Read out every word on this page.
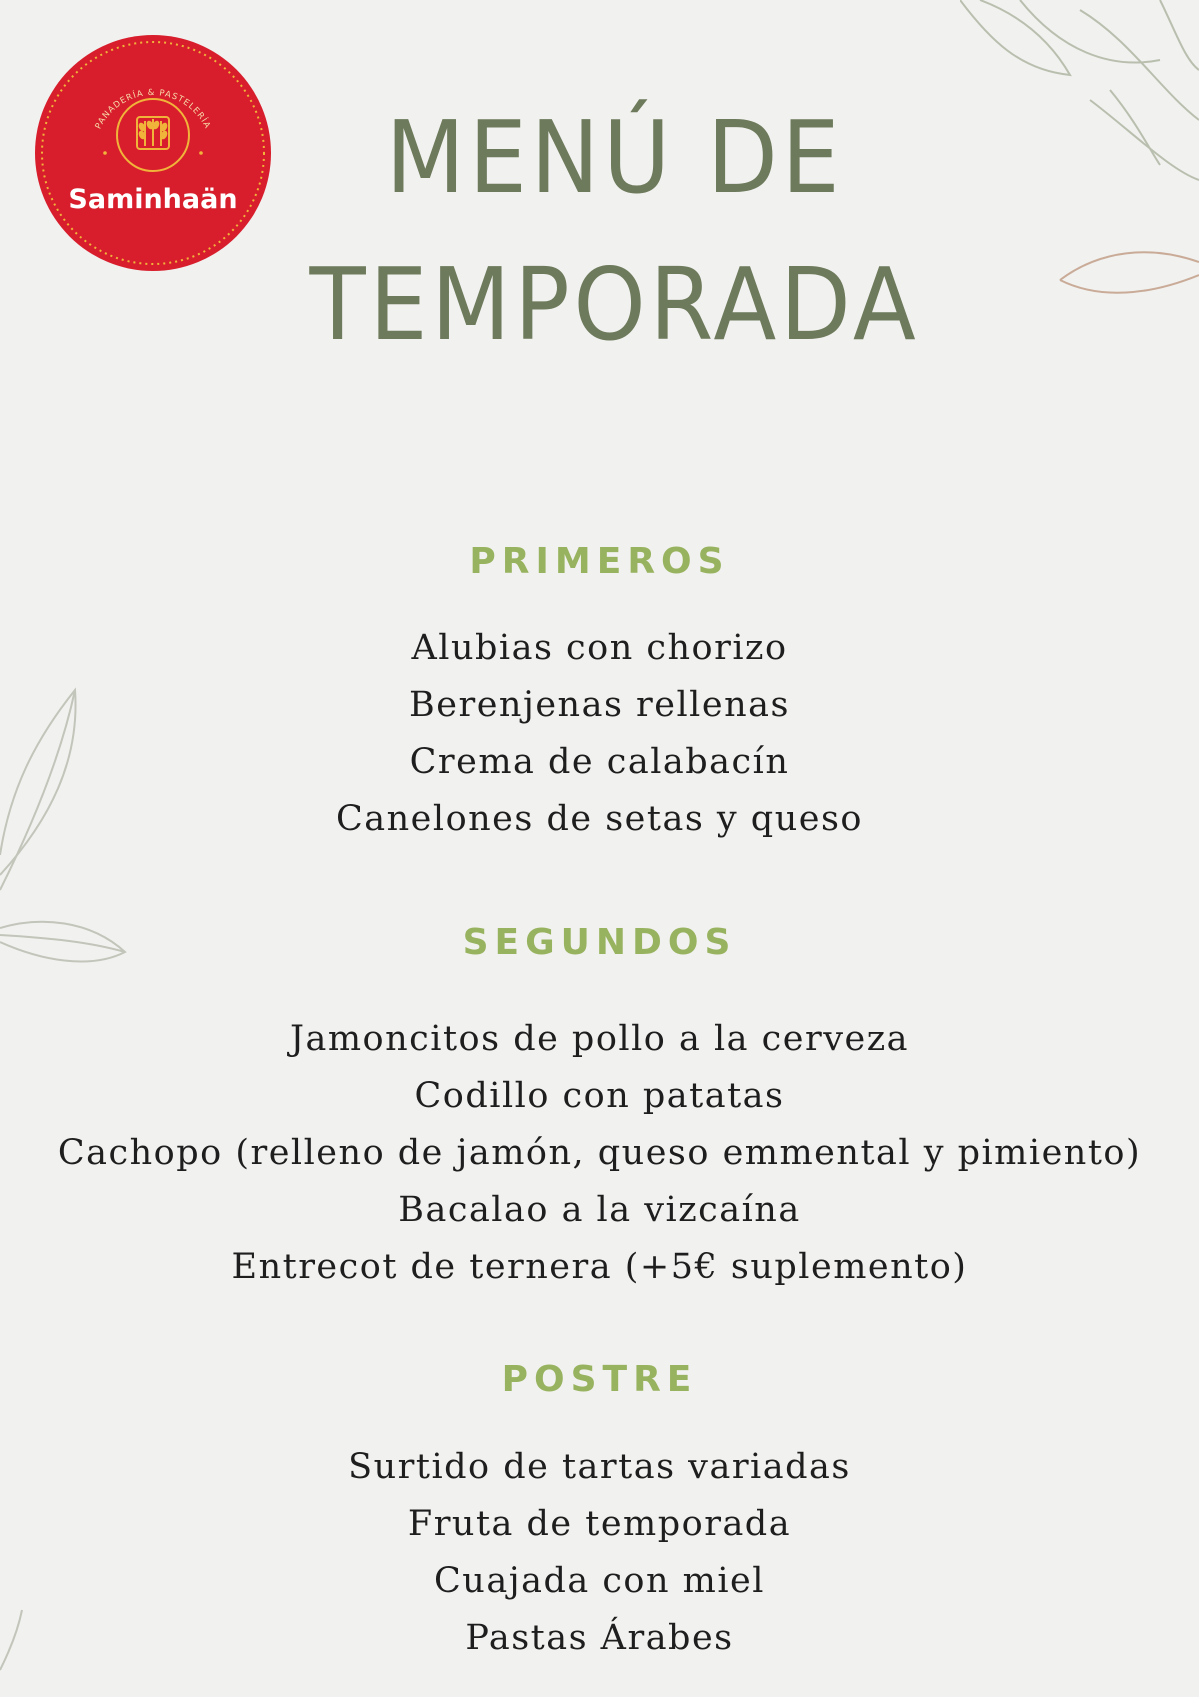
PANADERÍA & PASTELERÍA
Saminhaän	MENÚ DE
TEMPORADA
PRIMEROS
Alubias con chorizo
Berenjenas rellenas
Crema de calabacín
Canelones de setas y queso
SEGUNDOS
Jamoncitos de pollo a la cerveza
Codillo con patatas
Cachopo (relleno de jamón, queso emmental y pimiento)
Bacalao a la vizcaína
Entrecot de ternera (+5€ suplemento)
POSTRE
Surtido de tartas variadas
Fruta de temporada
Cuajada con miel
Pastas Árabes
